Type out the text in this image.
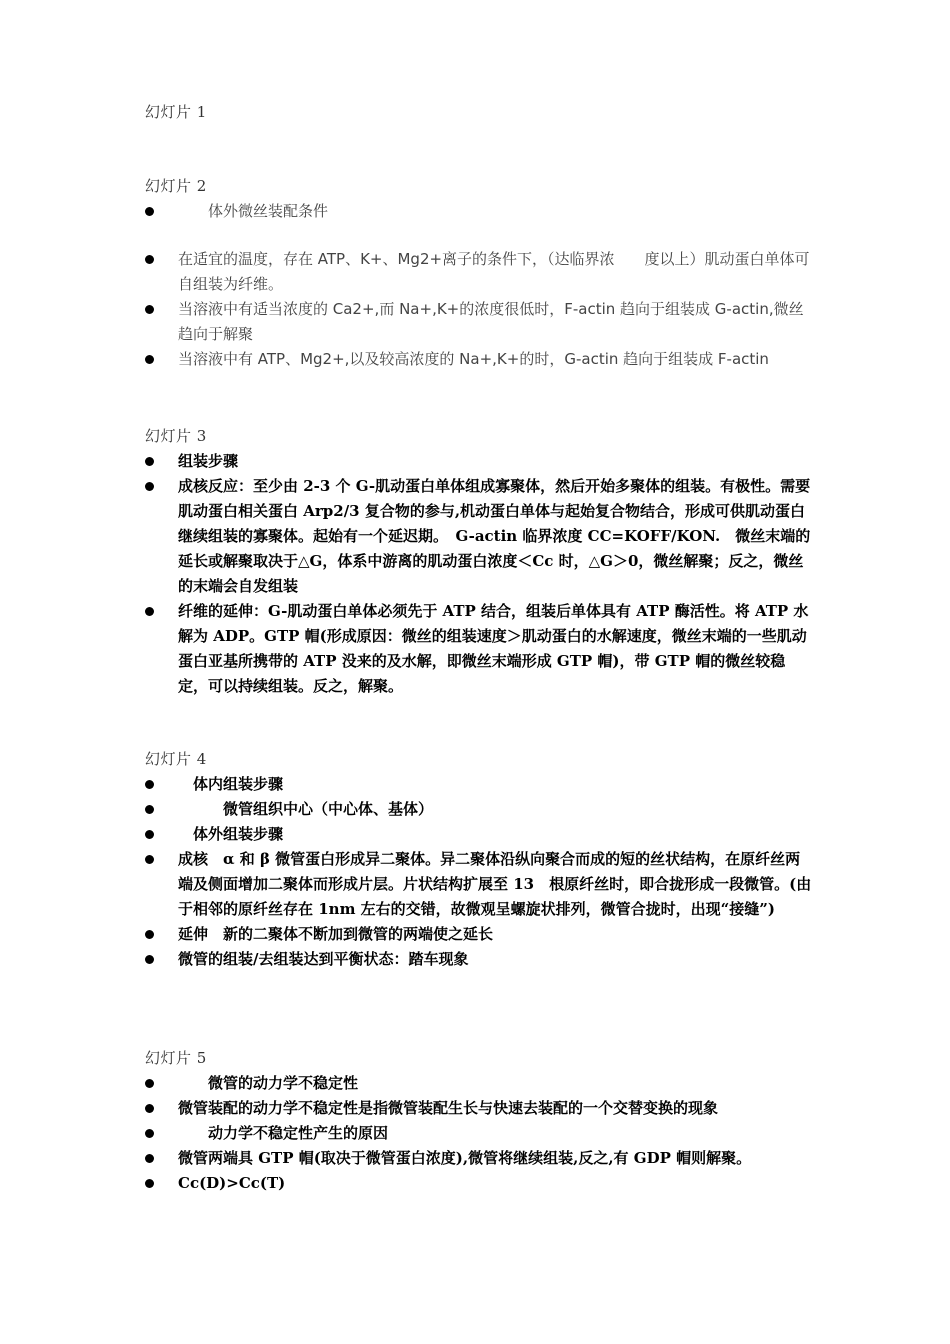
幻灯片 1
幻灯片 2
　　体外微丝装配条件
在适宜的温度，存在 ATP、K+、Mg2+离子的条件下，（达临界浓　　度以上）肌动蛋白单体可自组装为纤维。
当溶液中有适当浓度的 Ca2+,而 Na+,K+的浓度很低时，F-actin 趋向于组装成 G-actin,微丝趋向于解聚
当溶液中有 ATP、Mg2+,以及较高浓度的 Na+,K+的时，G-actin 趋向于组装成 F-actin
幻灯片 3
组装步骤
成核反应：至少由 2-3 个 G-肌动蛋白单体组成寡聚体，然后开始多聚体的组装。有极性。需要肌动蛋白相关蛋白 Arp2/3 复合物的参与,机动蛋白单体与起始复合物结合，形成可供肌动蛋白继续组装的寡聚体。起始有一个延迟期。　G-actin 临界浓度 CC=KOFF/KON.　微丝末端的延长或解聚取决于△G，体系中游离的肌动蛋白浓度＜Cc 时，△G＞0，微丝解聚；反之，微丝的末端会自发组装
纤维的延伸：G-肌动蛋白单体必须先于 ATP 结合，组装后单体具有 ATP 酶活性。将 ATP 水解为 ADP。GTP 帽(形成原因：微丝的组装速度＞肌动蛋白的水解速度，微丝末端的一些肌动蛋白亚基所携带的 ATP 没来的及水解，即微丝末端形成 GTP 帽)，带 GTP 帽的微丝较稳定，可以持续组装。反之，解聚。
幻灯片 4
　体内组装步骤
　　　微管组织中心（中心体、基体）
　体外组装步骤
成核　α 和 β 微管蛋白形成异二聚体。异二聚体沿纵向聚合而成的短的丝状结构，在原纤丝两端及侧面增加二聚体而形成片层。片状结构扩展至 13　根原纤丝时，即合拢形成一段微管。(由于相邻的原纤丝存在 1nm 左右的交错，故微观呈螺旋状排列，微管合拢时，出现“接缝”)
延伸　新的二聚体不断加到微管的两端使之延长
微管的组装/去组装达到平衡状态：踏车现象
幻灯片 5
　　微管的动力学不稳定性
微管装配的动力学不稳定性是指微管装配生长与快速去装配的一个交替变换的现象
　　动力学不稳定性产生的原因
微管两端具 GTP 帽(取决于微管蛋白浓度),微管将继续组装,反之,有 GDP 帽则解聚。
Cc(D)>Cc(T)
